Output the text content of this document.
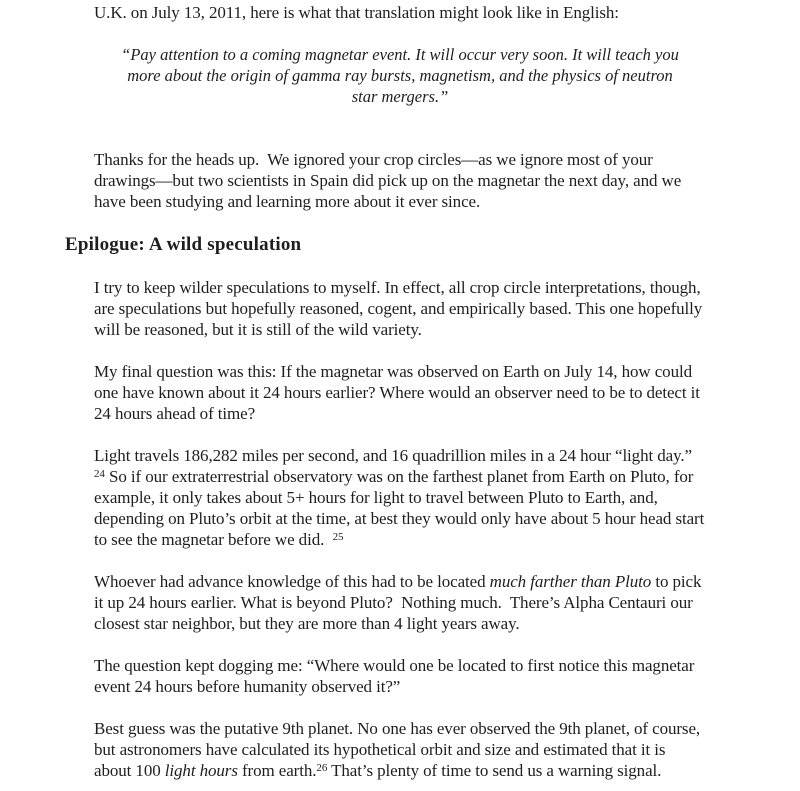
U.K. on July 13, 2011, here is what that translation might look like in English:

“Pay attention to a coming magnetar event. It will occur very soon. It will teach you more about the origin of gamma ray bursts, magnetism, and the physics of neutron star mergers.”

Thanks for the heads up.  We ignored your crop circles—as we ignore most of your drawings—but two scientists in Spain did pick up on the magnetar the next day, and we have been studying and learning more about it ever since.

Epilogue: A wild speculation

I try to keep wilder speculations to myself. In effect, all crop circle interpretations, though, are speculations but hopefully reasoned, cogent, and empirically based. This one hopefully will be reasoned, but it is still of the wild variety.

My final question was this: If the magnetar was observed on Earth on July 14, how could one have known about it 24 hours earlier? Where would an observer need to be to detect it 24 hours ahead of time?

Light travels 186,282 miles per second, and 16 quadrillion miles in a 24 hour “light day.” $^{24}$ So if our extraterrestrial observatory was on the farthest planet from Earth on Pluto, for example, it only takes about 5+ hours for light to travel between Pluto to Earth, and, depending on Pluto’s orbit at the time, at best they would only have about 5 hour head start to see the magnetar before we did.  $^{25}$

Whoever had advance knowledge of this had to be located much farther than Pluto to pick it up 24 hours earlier. What is beyond Pluto?  Nothing much.  There’s Alpha Centauri our closest star neighbor, but they are more than 4 light years away.

The question kept dogging me: “Where would one be located to first notice this magnetar event 24 hours before humanity observed it?”

Best guess was the putative 9th planet. No one has ever observed the 9th planet, of course, but astronomers have calculated its hypothetical orbit and size and estimated that it is about 100 light hours from earth.$^{26}$ That’s plenty of time to send us a warning signal.
